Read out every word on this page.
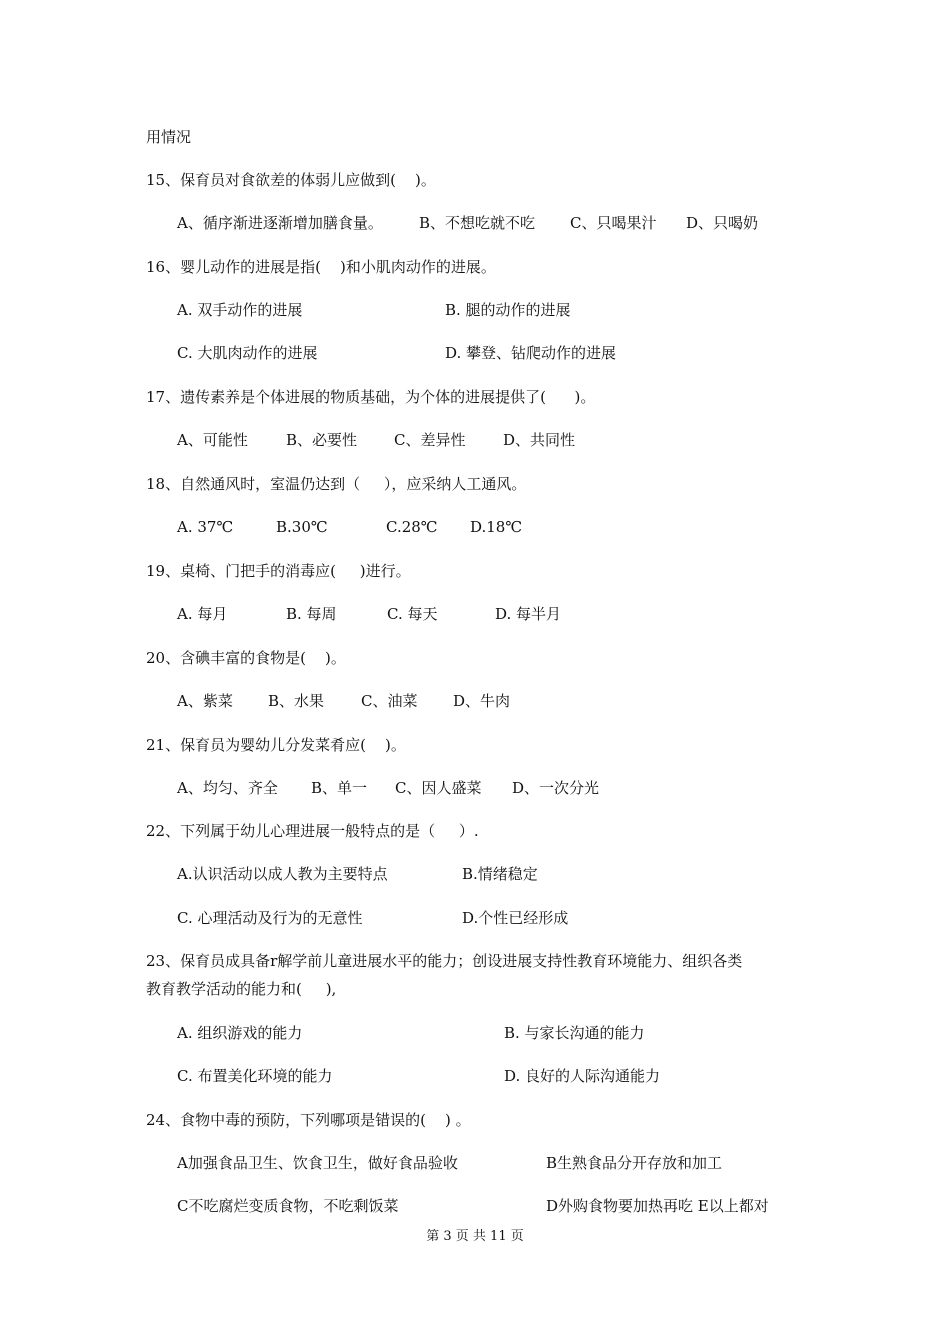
用情况
15、保育员对食欲差的体弱儿应做到(    )。
A、循序渐进逐渐增加膳食量。 B、不想吃就不吃 C、只喝果汁 D、只喝奶
16、婴儿动作的进展是指(    )和小肌肉动作的进展。
A. 双手动作的进展	B. 腿的动作的进展
C. 大肌肉动作的进展	D. 攀登、钻爬动作的进展
17、遗传素养是个体进展的物质基础，为个体的进展提供了(      )。
A、可能性	B、必要性 C、差异性	D、共同性
18、自然通风时，室温仍达到（     ），应采纳人工通风。
A. 37℃	B.30℃	C.28℃ D.18℃
19、桌椅、门把手的消毒应(     )进行。
A. 每月	B. 每周	C. 每天	D. 每半月
20、含碘丰富的食物是(    )。
A、紫菜 B、水果 C、油菜 D、牛肉
21、保育员为婴幼儿分发菜肴应(    )。
A、均匀、齐全 B、单一 C、因人盛菜 D、一次分光
22、下列属于幼儿心理进展一般特点的是（     ）.
A.认识活动以成人教为主要特点	B.情绪稳定
C. 心理活动及行为的无意性	D.个性已经形成
23、保育员成具备r解学前儿童进展水平的能力；创设进展支持性教育环境能力、组织各类
教育教学活动的能力和(     ),
A. 组织游戏的能力	B. 与家长沟通的能力
C. 布置美化环境的能力	D. 良好的人际沟通能力
24、食物中毒的预防，下列哪项是错误的(    ) 。
A加强食品卫生、饮食卫生，做好食品验收	B生熟食品分开存放和加工
C不吃腐烂变质食物，不吃剩饭菜	D外购食物要加热再吃 E以上都对
第 3 页 共 11 页
